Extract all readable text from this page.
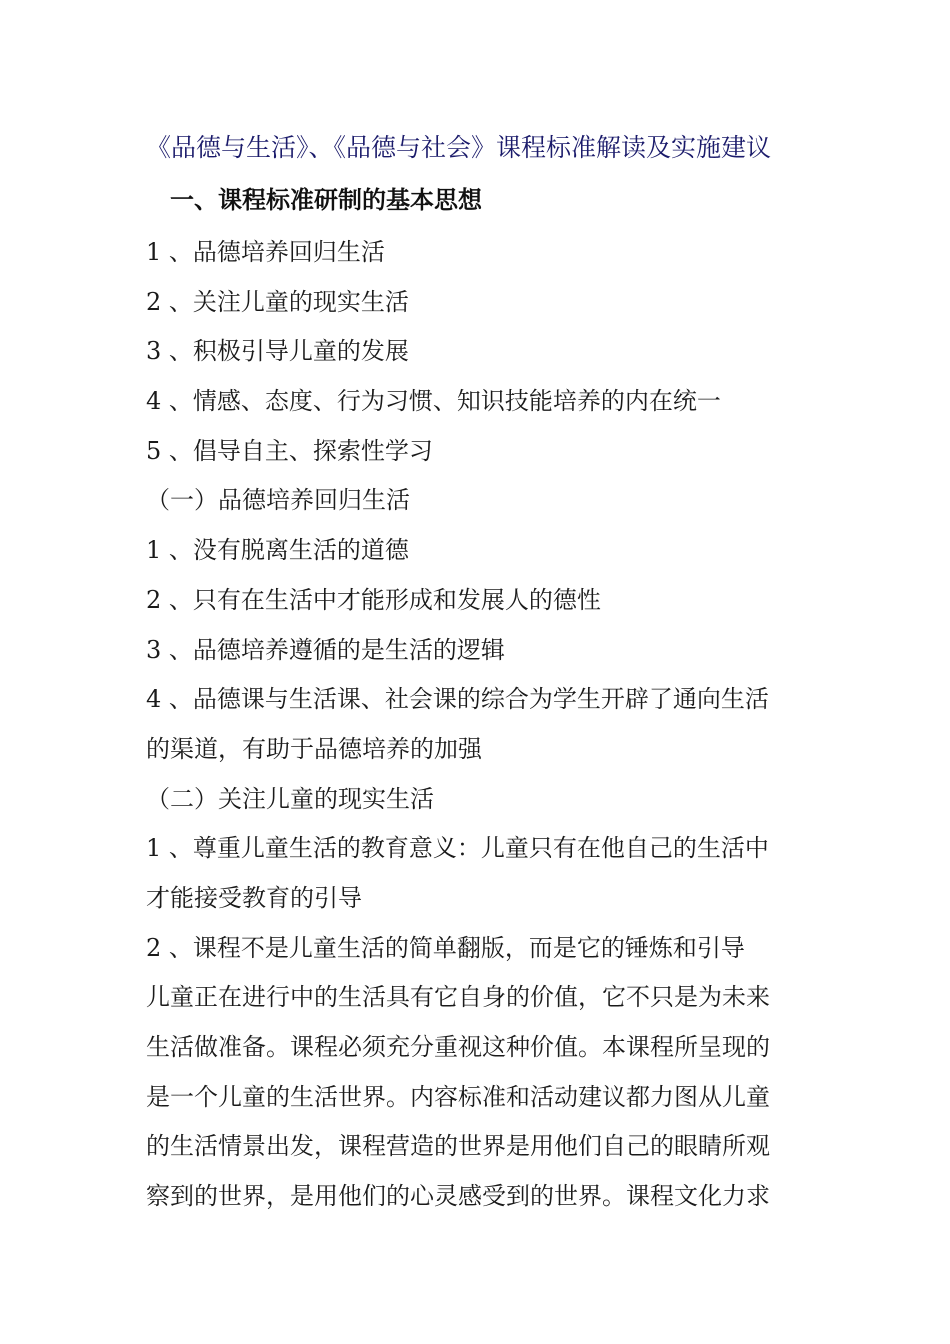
《品德与生活》、《品德与社会》课程标准解读及实施建议
一、课程标准研制的基本思想
1 、品德培养回归生活
2 、关注儿童的现实生活
3 、积极引导儿童的发展
4 、情感、态度、行为习惯、知识技能培养的内在统一
5 、倡导自主、探索性学习
（一）品德培养回归生活
1 、没有脱离生活的道德
2 、只有在生活中才能形成和发展人的德性
3 、品德培养遵循的是生活的逻辑
4 、品德课与生活课、社会课的综合为学生开辟了通向生活
的渠道，有助于品德培养的加强
（二）关注儿童的现实生活
1 、尊重儿童生活的教育意义：儿童只有在他自己的生活中
才能接受教育的引导
2 、课程不是儿童生活的简单翻版，而是它的锤炼和引导
儿童正在进行中的生活具有它自身的价值，它不只是为未来
生活做准备。课程必须充分重视这种价值。本课程所呈现的
是一个儿童的生活世界。内容标准和活动建议都力图从儿童
的生活情景出发，课程营造的世界是用他们自己的眼睛所观
察到的世界，是用他们的心灵感受到的世界。课程文化力求
